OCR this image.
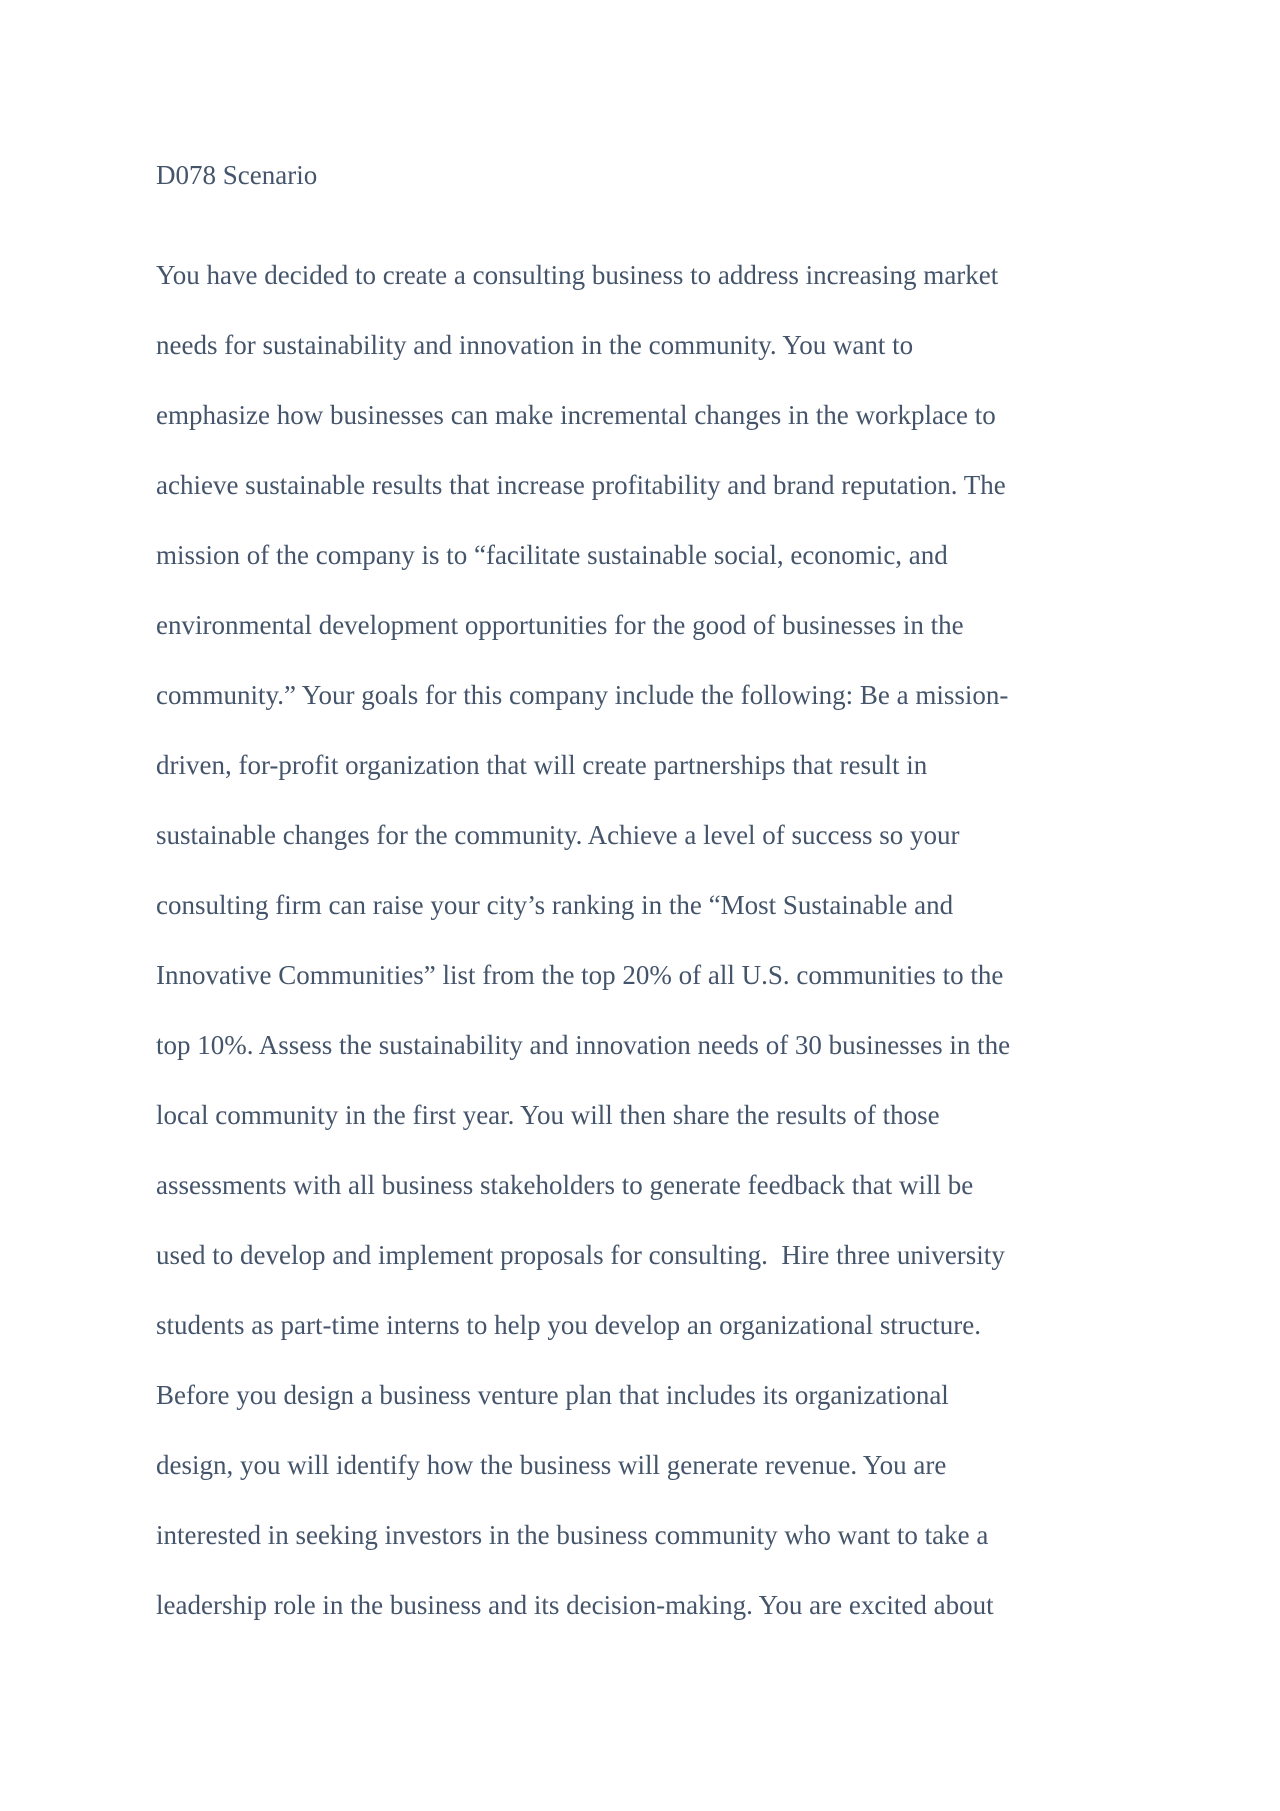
D078 Scenario
You have decided to create a consulting business to address increasing market
needs for sustainability and innovation in the community. You want to
emphasize how businesses can make incremental changes in the workplace to
achieve sustainable results that increase profitability and brand reputation. The
mission of the company is to “facilitate sustainable social, economic, and
environmental development opportunities for the good of businesses in the
community.” Your goals for this company include the following: Be a mission-
driven, for-profit organization that will create partnerships that result in
sustainable changes for the community. Achieve a level of success so your
consulting firm can raise your city’s ranking in the “Most Sustainable and
Innovative Communities” list from the top 20% of all U.S. communities to the
top 10%. Assess the sustainability and innovation needs of 30 businesses in the
local community in the first year. You will then share the results of those
assessments with all business stakeholders to generate feedback that will be
used to develop and implement proposals for consulting.  Hire three university
students as part-time interns to help you develop an organizational structure.
Before you design a business venture plan that includes its organizational
design, you will identify how the business will generate revenue. You are
interested in seeking investors in the business community who want to take a
leadership role in the business and its decision-making. You are excited about
